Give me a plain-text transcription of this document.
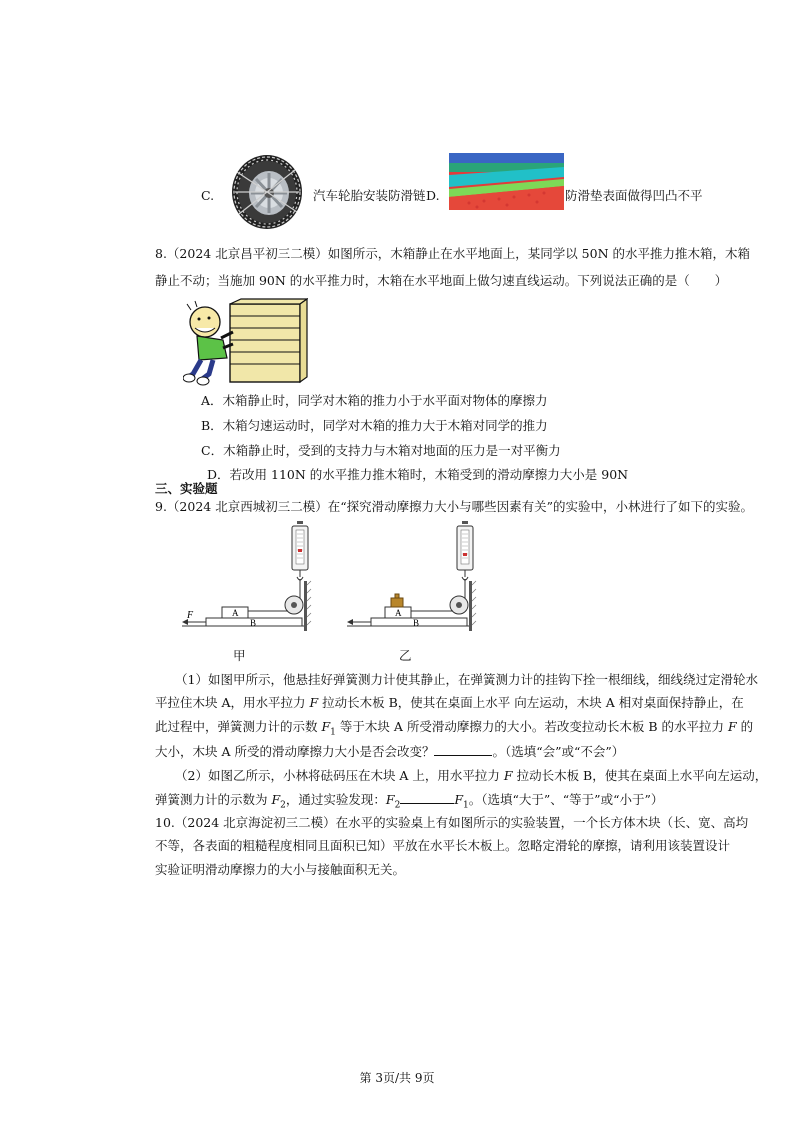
C.	汽车轮胎安装防滑链 D.	防滑垫表面做得凹凸不平
8.（2024 北京昌平初三二模）如图所示，木箱静止在水平地面上，某同学以 50N 的水平推力推木箱，木箱
静止不动；当施加 90N 的水平推力时，木箱在水平地面上做匀速直线运动。下列说法正确的是（　　）
A．木箱静止时，同学对木箱的推力小于水平面对物体的摩擦力
B．木箱匀速运动时，同学对木箱的推力大于木箱对同学的推力
C．木箱静止时，受到的支持力与木箱对地面的压力是一对平衡力
D．若改用 110N 的水平推力推木箱时，木箱受到的滑动摩擦力大小是 90N
三、实验题
9.（2024 北京西城初三二模）在“探究滑动摩擦力大小与哪些因素有关”的实验中，小林进行了如下的实验。
F	A
B
A
B
甲	乙
（1）如图甲所示，他悬挂好弹簧测力计使其静止，在弹簧测力计的挂钩下拴一根细线，细线绕过定滑轮水
平拉住木块 A，用水平拉力 F 拉动长木板 B，使其在桌面上水平 向左运动，木块 A 相对桌面保持静止，在
此过程中，弹簧测力计的示数 $F_1$ 等于木块 A 所受滑动摩擦力的大小。若改变拉动长木板 B 的水平拉力 F 的
大小，木块 A 所受的滑动摩擦力大小是否会改变？	。（选填“会”或“不会”）
（2）如图乙所示，小林将砝码压在木块 A 上，用水平拉力 F 拉动长木板 B，使其在桌面上水平向左运动，
弹簧测力计的示数为 $F_2$，通过实验发现：$F_2$	$F_1$。（选填“大于”、“等于”或“小于”）
10.（2024 北京海淀初三二模）在水平的实验桌上有如图所示的实验装置，一个长方体木块（长、宽、高均
不等，各表面的粗糙程度相同且面积已知）平放在水平长木板上。忽略定滑轮的摩擦，请利用该装置设计
实验证明滑动摩擦力的大小与接触面积无关。
第 3页/共 9页
